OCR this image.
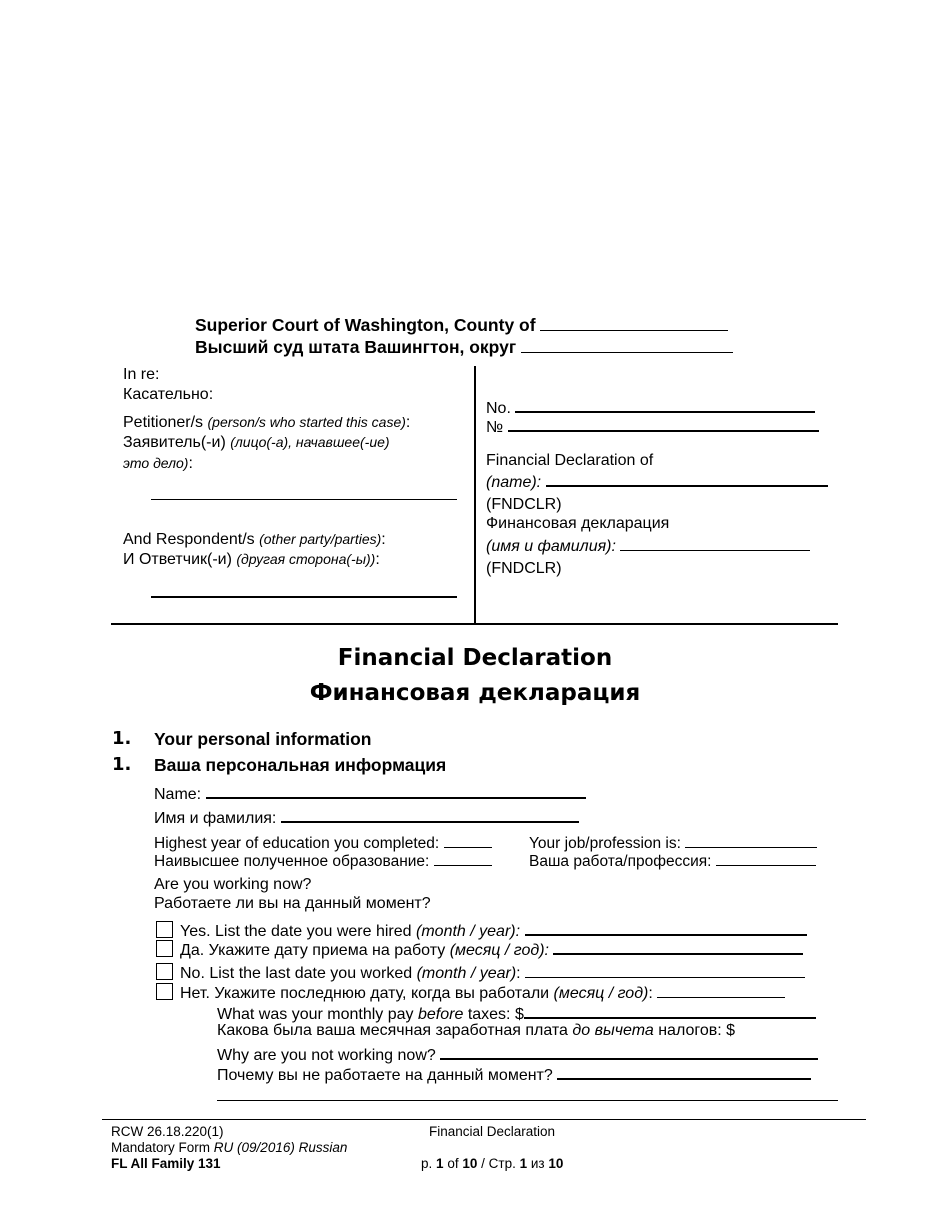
Superior Court of Washington, County of
Высший суд штата Вашингтон, округ
In re:
Касательно:
Petitioner/s (person/s who started this case):
Заявитель(-и) (лицо(-а), начавшее(-ие)
это дело):
And Respondent/s (other party/parties):
И Ответчик(-и) (другая сторона(-ы)):
No.
№
Financial Declaration of
(name):
(FNDCLR)
Финансовая декларация
(имя и фамилия):
(FNDCLR)
Financial Declaration
Финансовая декларация
1. Your personal information
1. Ваша персональная информация
Name:
Имя и фамилия:
Highest year of education you completed:	Your job/profession is:
Наивысшее полученное образование:	Ваша работа/профессия:
Are you working now?
Работаете ли вы на данный момент?
Yes. List the date you were hired (month / year):
Да. Укажите дату приема на работу (месяц / год):
No. List the last date you worked (month / year):
Нет. Укажите последнюю дату, когда вы работали (месяц / год):
What was your monthly pay before taxes: $
Какова была ваша месячная заработная плата до вычета налогов: $
Why are you not working now?
Почему вы не работаете на данный момент?
RCW 26.18.220(1)
Mandatory Form RU (09/2016) Russian
FL All Family 131
Financial Declaration
p. 1 of 10 / Стр. 1 из 10
